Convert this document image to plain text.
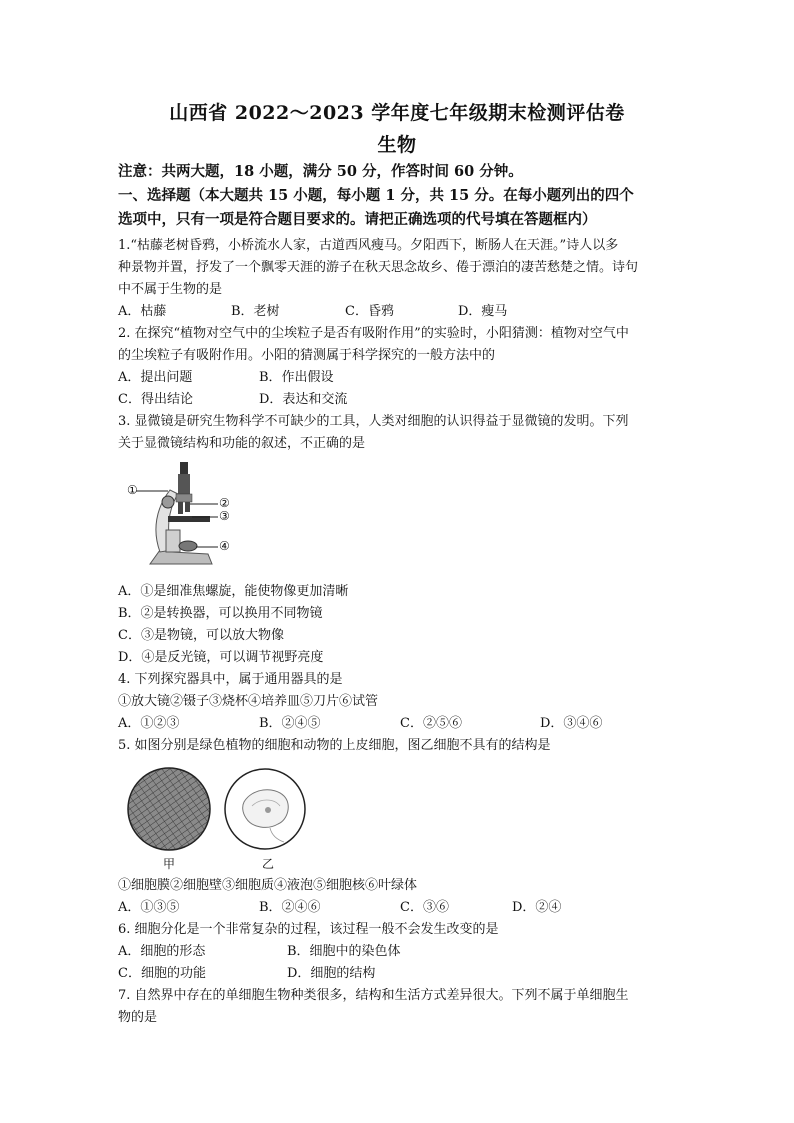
山西省 2022～2023 学年度七年级期末检测评估卷
生物
注意：共两大题，18 小题，满分 50 分，作答时间 60 分钟。
一、选择题（本大题共 15 小题，每小题 1 分，共 15 分。在每小题列出的四个
选项中，只有一项是符合题目要求的。请把正确选项的代号填在答题框内）
1.“枯藤老树昏鸦，小桥流水人家，古道西风瘦马。夕阳西下，断肠人在天涯。”诗人以多
种景物并置，抒发了一个飘零天涯的游子在秋天思念故乡、倦于漂泊的凄苦愁楚之情。诗句
中不属于生物的是
A．枯藤	B．老树	C．昏鸦	D．瘦马
2. 在探究“植物对空气中的尘埃粒子是否有吸附作用”的实验时，小阳猜测：植物对空气中
的尘埃粒子有吸附作用。小阳的猜测属于科学探究的一般方法中的
A．提出问题	B．作出假设
C．得出结论	D．表达和交流
3. 显微镜是研究生物科学不可缺少的工具，人类对细胞的认识得益于显微镜的发明。下列
关于显微镜结构和功能的叙述，不正确的是
①
②
③
④
A．①是细准焦螺旋，能使物像更加清晰
B．②是转换器，可以换用不同物镜
C．③是物镜，可以放大物像
D．④是反光镜，可以调节视野亮度
4. 下列探究器具中，属于通用器具的是
①放大镜②镊子③烧杯④培养皿⑤刀片⑥试管
A．①②③	B．②④⑤	C．②⑤⑥	D．③④⑥
5. 如图分别是绿色植物的细胞和动物的上皮细胞，图乙细胞不具有的结构是
甲	乙
①细胞膜②细胞壁③细胞质④液泡⑤细胞核⑥叶绿体
A．①③⑤	B．②④⑥	C．③⑥	D．②④
6. 细胞分化是一个非常复杂的过程，该过程一般不会发生改变的是
A．细胞的形态	B．细胞中的染色体
C．细胞的功能	D．细胞的结构
7. 自然界中存在的单细胞生物种类很多，结构和生活方式差异很大。下列不属于单细胞生
物的是
